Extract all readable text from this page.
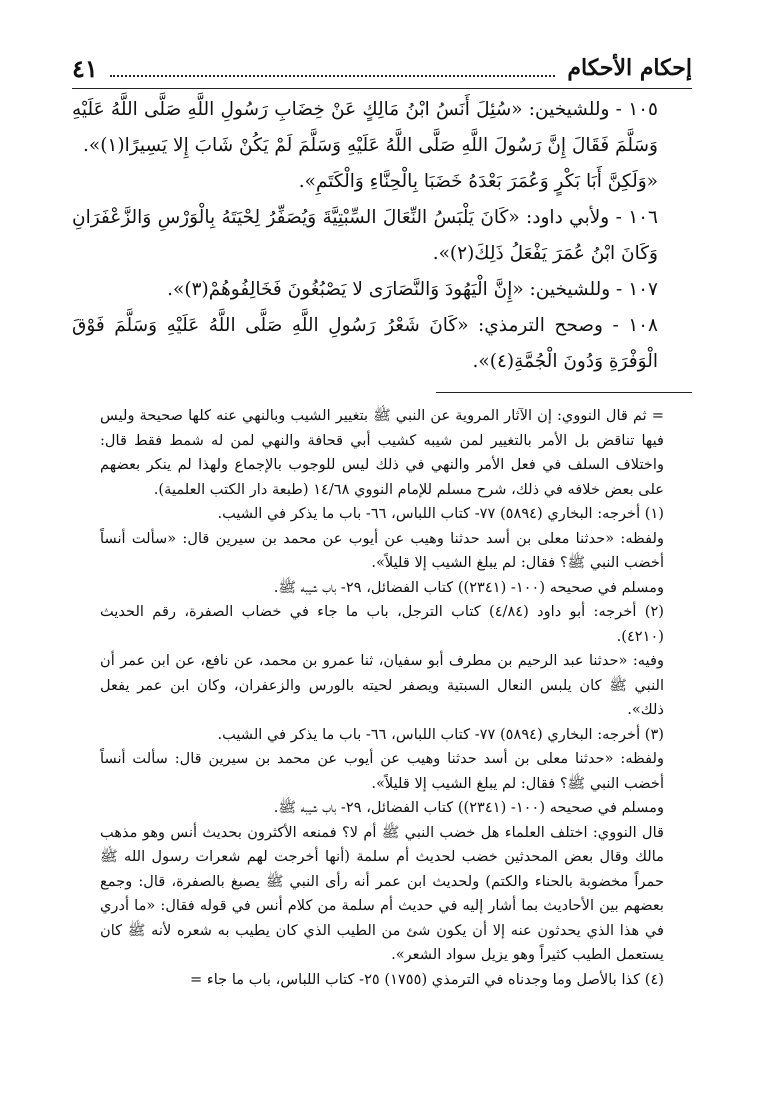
إحكام الأحكام
٤١

١٠٥ - وللشيخين: «سُئِلَ أَنَسُ ابْنُ مَالِكٍ عَنْ خِضَابِ رَسُولِ اللَّهِ صَلَّى اللَّهُ عَلَيْهِ وَسَلَّمَ فَقَالَ إِنَّ رَسُولَ اللَّهِ صَلَّى اللَّهُ عَلَيْهِ وَسَلَّمَ لَمْ يَكُنْ شَابَ إِلا يَسِيرًا(١)».

«وَلَكِنَّ أَبَا بَكْرٍ وَعُمَرَ بَعْدَهُ خَضَبَا بِالْحِنَّاءِ وَالْكَتَمِ».

١٠٦ - ولأبي داود: «كَانَ يَلْبَسُ النِّعَالَ السِّبْتِيَّةَ وَيُصَفِّرُ لِحْيَتَهُ بِالْوَرْسِ وَالزَّعْفَرَانِ وَكَانَ ابْنُ عُمَرَ يَفْعَلُ ذَلِكَ(٢)».

١٠٧ - وللشيخين: «إِنَّ الْيَهُودَ وَالنَّصَارَى لا يَصْبُغُونَ فَخَالِفُوهُمْ(٣)».

١٠٨ - وصحح الترمذي: «كَانَ شَعْرُ رَسُولِ اللَّهِ صَلَّى اللَّهُ عَلَيْهِ وَسَلَّمَ فَوْقَ الْوَفْرَةِ وَدُونَ الْجُمَّةِ(٤)».

= ثم قال النووي: إن الآثار المروية عن النبي ﷺ بتغيير الشيب وبالنهي عنه كلها صحيحة وليس فيها تناقض بل الأمر بالتغيير لمن شيبه كشيب أبي قحافة والنهي لمن له شمط فقط قال: واختلاف السلف في فعل الأمر والنهي في ذلك ليس للوجوب بالإجماع ولهذا لم ينكر بعضهم على بعض خلافه في ذلك، شرح مسلم للإمام النووي ١٤/٦٨ (طبعة دار الكتب العلمية).

(١) أخرجه: البخاري (٥٨٩٤) ٧٧- كتاب اللباس، ٦٦- باب ما يذكر في الشيب.

ولفظه: «حدثنا معلى بن أسد حدثنا وهيب عن أيوب عن محمد بن سيرين قال: «سألت أنساً أخضب النبي ﷺ؟ فقال: لم يبلغ الشيب إلا قليلاً».

ومسلم في صحيحه (١٠٠- (٢٣٤١)) كتاب الفضائل، ٢٩- باب شيبه ﷺ.

(٢) أخرجه: أبو داود (٤/٨٤) كتاب الترجل، باب ما جاء في خضاب الصفرة، رقم الحديث (٤٢١٠).

وفيه: «حدثنا عبد الرحيم بن مطرف أبو سفيان، ثنا عمرو بن محمد، عن نافع، عن ابن عمر أن النبي ﷺ كان يلبس النعال السبتية ويصفر لحيته بالورس والزعفران، وكان ابن عمر يفعل ذلك».

(٣) أخرجه: البخاري (٥٨٩٤) ٧٧- كتاب اللباس، ٦٦- باب ما يذكر في الشيب.

ولفظه: «حدثنا معلى بن أسد حدثنا وهيب عن أيوب عن محمد بن سيرين قال: سألت أنساً أخضب النبي ﷺ؟ فقال: لم يبلغ الشيب إلا قليلاً».

ومسلم في صحيحه (١٠٠- (٢٣٤١)) كتاب الفضائل، ٢٩- باب شيبه ﷺ.

قال النووي: اختلف العلماء هل خضب النبي ﷺ أم لا؟ فمنعه الأكثرون بحديث أنس وهو مذهب مالك وقال بعض المحدثين خضب لحديث أم سلمة (أنها أخرجت لهم شعرات رسول الله ﷺ حمراً مخضوبة بالحناء والكتم) ولحديث ابن عمر أنه رأى النبي ﷺ يصبغ بالصفرة، قال: وجمع بعضهم بين الأحاديث بما أشار إليه في حديث أم سلمة من كلام أنس في قوله فقال: «ما أدري في هذا الذي يحدثون عنه إلا أن يكون شئ من الطيب الذي كان يطيب به شعره لأنه ﷺ كان يستعمل الطيب كثيراً وهو يزيل سواد الشعر».

(٤) كذا بالأصل وما وجدناه في الترمذي (١٧٥٥) ٢٥- كتاب اللباس، باب ما جاء =
